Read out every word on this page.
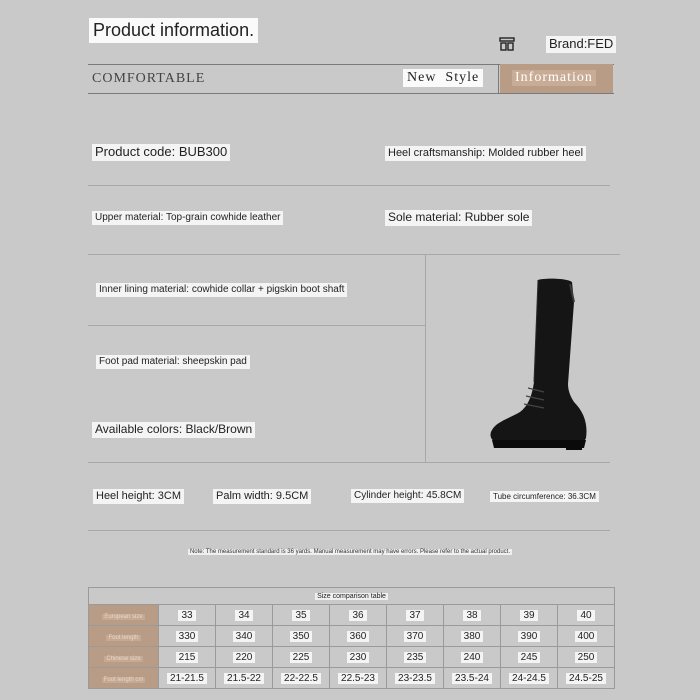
Product information.
Brand:FED
COMFORTABLE	New  Style	Information
Product code: BUB300	Heel craftsmanship: Molded rubber heel
Upper material: Top-grain cowhide leather	Sole material: Rubber sole
Inner lining material: cowhide collar + pigskin boot shaft
Foot pad material: sheepskin pad
Available colors: Black/Brown
Heel height: 3CM	Palm width: 9.5CM	Cylinder height: 45.8CM	Tube circumference: 36.3CM
Note: The measurement standard is 36 yards. Manual measurement may have errors. Please refer to the actual product.
Size comparison table								
European size	33	34	35	36	37	38	39	40
Foot length	330	340	350	360	370	380	390	400
Chinese size	215	220	225	230	235	240	245	250
Foot length cm	21-21.5	21.5-22	22-22.5	22.5-23	23-23.5	23.5-24	24-24.5	24.5-25
